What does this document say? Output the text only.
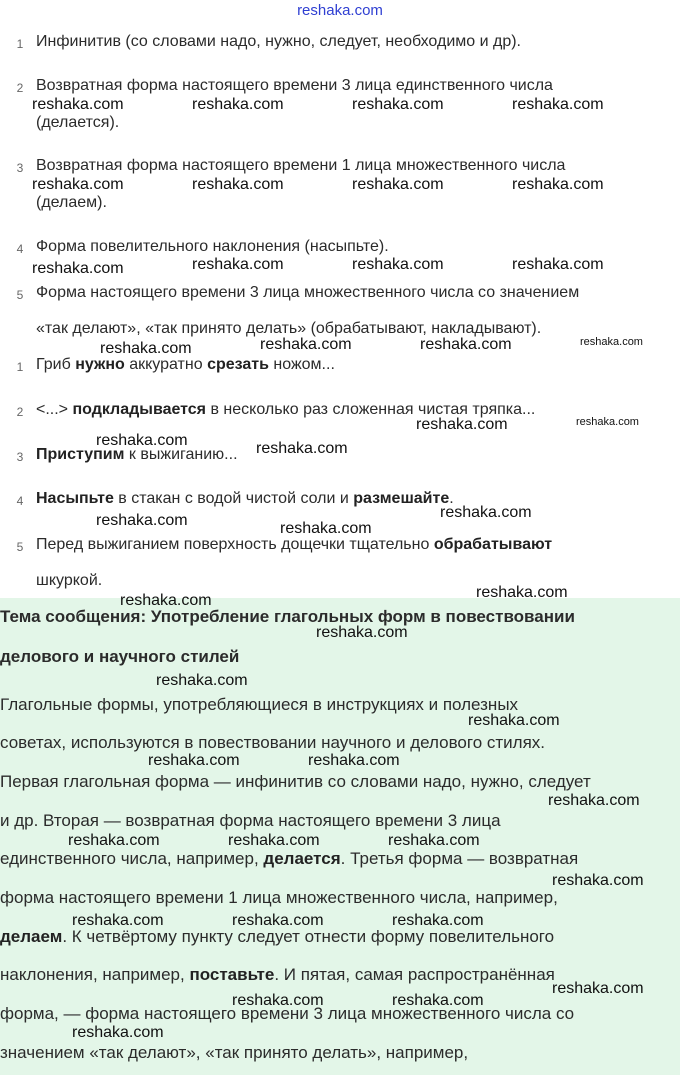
reshaka.com
1 Инфинитив (со словами надо, нужно, следует, необходимо и др).
2 Возвратная форма настоящего времени 3 лица единственного числа
(делается).
3 Возвратная форма настоящего времени 1 лица множественного числа
(делаем).
4 Форма повелительного наклонения (насыпьте).
5 Форма настоящего времени 3 лица множественного числа со значением
«так делают», «так принято делать» (обрабатывают, накладывают).
1 Гриб нужно аккуратно срезать ножом...
2 <...> подкладывается в несколько раз сложенная чистая тряпка...
3 Приступим к выжиганию...
4 Насыпьте в стакан с водой чистой соли и размешайте.
5 Перед выжиганием поверхность дощечки тщательно обрабатывают
шкуркой.
Тема сообщения: Употребление глагольных форм в повествовании
делового и научного стилей
Глагольные формы, употребляющиеся в инструкциях и полезных
советах, используются в повествовании научного и делового стилях.
Первая глагольная форма — инфинитив со словами надо, нужно, следует
и др. Вторая — возвратная форма настоящего времени 3 лица
единственного числа, например, делается. Третья форма — возвратная
форма настоящего времени 1 лица множественного числа, например,
делаем. К четвёртому пункту следует отнести форму повелительного
наклонения, например, поставьте. И пятая, самая распространённая
форма, — форма настоящего времени 3 лица множественного числа со
значением «так делают», «так принято делать», например,
reshaka.com	reshaka.com	reshaka.com	reshaka.com
reshaka.com	reshaka.com	reshaka.com	reshaka.com
reshaka.com	reshaka.com	reshaka.com	reshaka.com
reshaka.com	reshaka.com	reshaka.com	reshaka.com
reshaka.com	reshaka.com
reshaka.com	reshaka.com
reshaka.com
reshaka.com	reshaka.com
reshaka.com
reshaka.com
reshaka.com
reshaka.com
reshaka.com
reshaka.com	reshaka.com
reshaka.com
reshaka.com	reshaka.com	reshaka.com
reshaka.com
reshaka.com	reshaka.com	reshaka.com
reshaka.com
reshaka.com	reshaka.com
reshaka.com
